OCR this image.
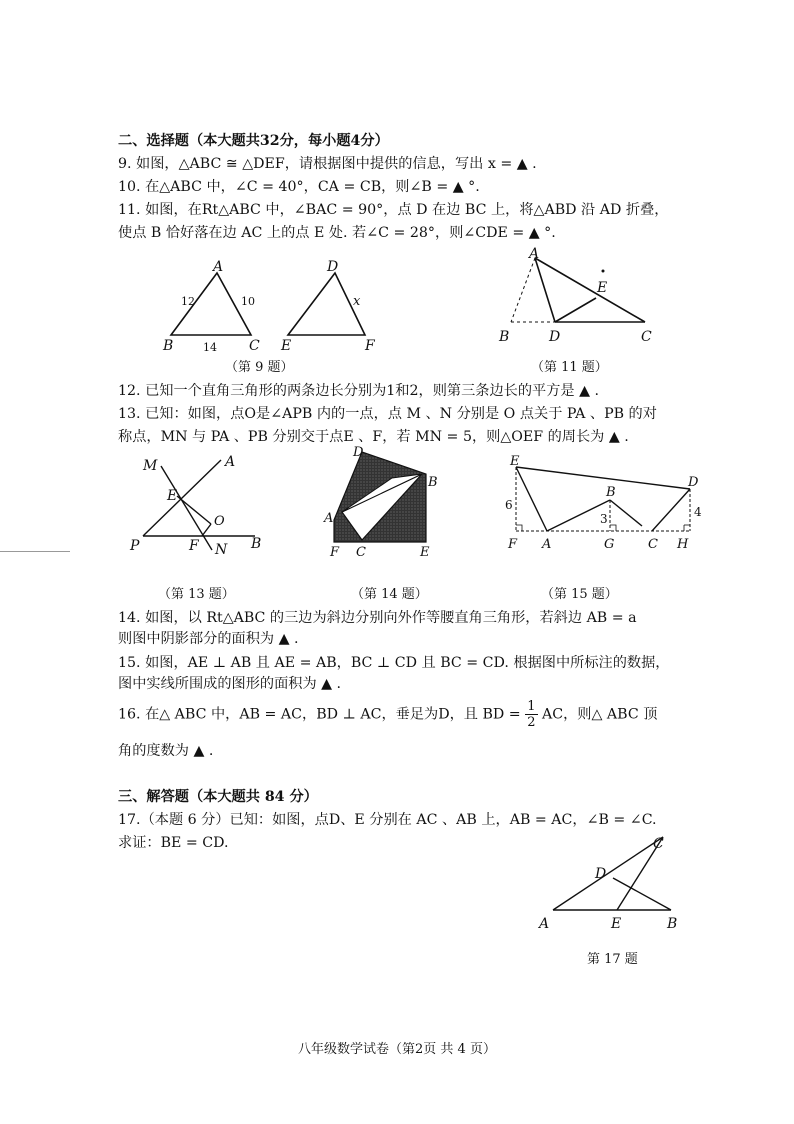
二、选择题（本大题共32分，每小题4分）
9. 如图，△ABC ≅ △DEF，请根据图中提供的信息，写出 x = ▲ .
10. 在△ABC 中，∠C = 40°，CA = CB，则∠B = ▲ °.
11. 如图，在Rt△ABC 中，∠BAC = 90°，点 D 在边 BC 上，将△ABD 沿 AD 折叠，
使点 B 恰好落在边 AC 上的点 E 处. 若∠C = 28°，则∠CDE = ▲ °.
A
B	C
12	10
14
D
E	F
x
（第 9 题）
A
B	D	C
E
（第 11 题）
12. 已知一个直角三角形的两条边长分别为1和2，则第三条边长的平方是 ▲ .
13. 已知：如图，点O是∠APB 内的一点，点 M 、N 分别是 O 点关于 PA 、PB 的对
称点，MN 与 PA 、PB 分别交于点E 、F，若 MN = 5，则△OEF 的周长为 ▲ .
M	A
E
O
P	F N B
（第 13 题）
D
B
A
F C	E
（第 14 题）
E
B
D
6
3	4
F A	G	C H
（第 15 题）
14. 如图，以 Rt△ABC 的三边为斜边分别向外作等腰直角三角形，若斜边 AB = a
则图中阴影部分的面积为 ▲ .
15. 如图，AE ⊥ AB 且 AE = AB，BC ⊥ CD 且 BC = CD. 根据图中所标注的数据，
图中实线所围成的图形的面积为 ▲ .
16. 在△ ABC 中，AB = AC，BD ⊥ AC，垂足为D，且 BD = $\frac{1}{2}$ AC，则△ ABC 顶
角的度数为 ▲ .
三、解答题（本大题共 84 分）
17.（本题 6 分）已知：如图，点D、E 分别在 AC 、AB 上，AB = AC，∠B = ∠C.
求证：BE = CD.	C
D
A	E	B
第 17 题
八年级数学试卷（第2页 共 4 页）
